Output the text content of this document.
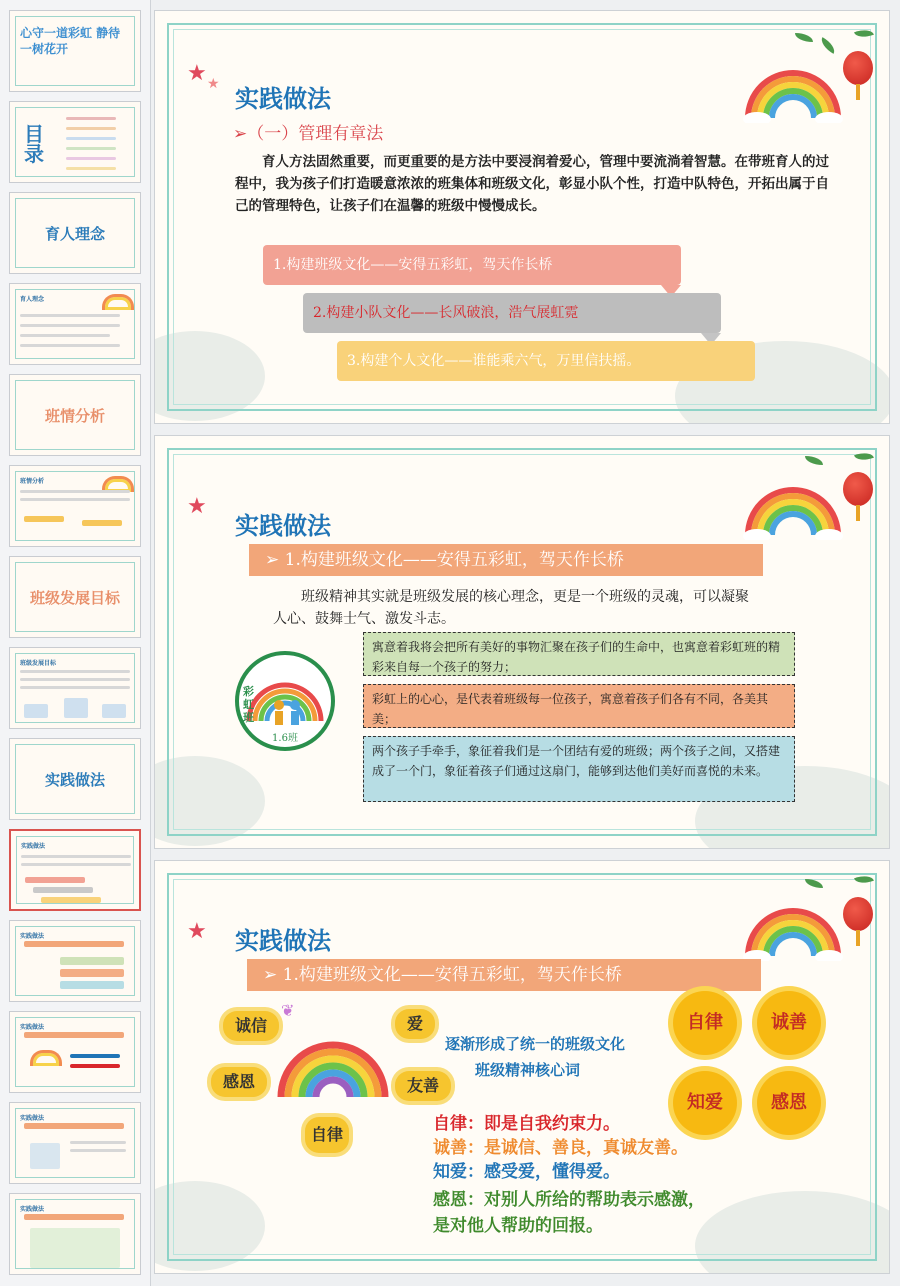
心守一道彩虹 静待一树花开
目录
育人理念
育人理念
班情分析
班情分析
班级发展目标
班级发展目标
实践做法
实践做法
实践做法
实践做法
实践做法
实践做法
★ ★ 实践做法
➢（一）管理有章法
育人方法固然重要，而更重要的是方法中要浸润着爱心，管理中要流淌着智慧。在带班育人的过程中，我为孩子们打造暖意浓浓的班集体和班级文化，彰显小队个性，打造中队特色，开拓出属于自己的管理特色，让孩子们在温馨的班级中慢慢成长。
1.构建班级文化——安得五彩虹，驾天作长桥
2.构建小队文化——长风破浪，浩气展虹霓
3.构建个人文化——谁能乘六气，万里信扶摇。
★
实践做法
➢ 1.构建班级文化——安得五彩虹，驾天作长桥
班级精神其实就是班级发展的核心理念，更是一个班级的灵魂，可以凝聚人心、鼓舞士气、激发斗志。
彩虹班
1.6班
寓意着我将会把所有美好的事物汇聚在孩子们的生命中，也寓意着彩虹班的精彩来自每一个孩子的努力；
彩虹上的心心，是代表着班级每一位孩子，寓意着孩子们各有不同，各美其美；
两个孩子手牵手，象征着我们是一个团结有爱的班级；两个孩子之间，又搭建成了一个门，象征着孩子们通过这扇门，能够到达他们美好而喜悦的未来。
★ 实践做法
➢ 1.构建班级文化——安得五彩虹，驾天作长桥
❦
诚信	爱
感恩	友善
自律
逐渐形成了统一的班级文化
班级精神核心词
自律	诚善
知爱	感恩
自律：即是自我约束力。
诚善：是诚信、善良，真诚友善。
知爱：感受爱，懂得爱。
感恩：对别人所给的帮助表示感激，
是对他人帮助的回报。
